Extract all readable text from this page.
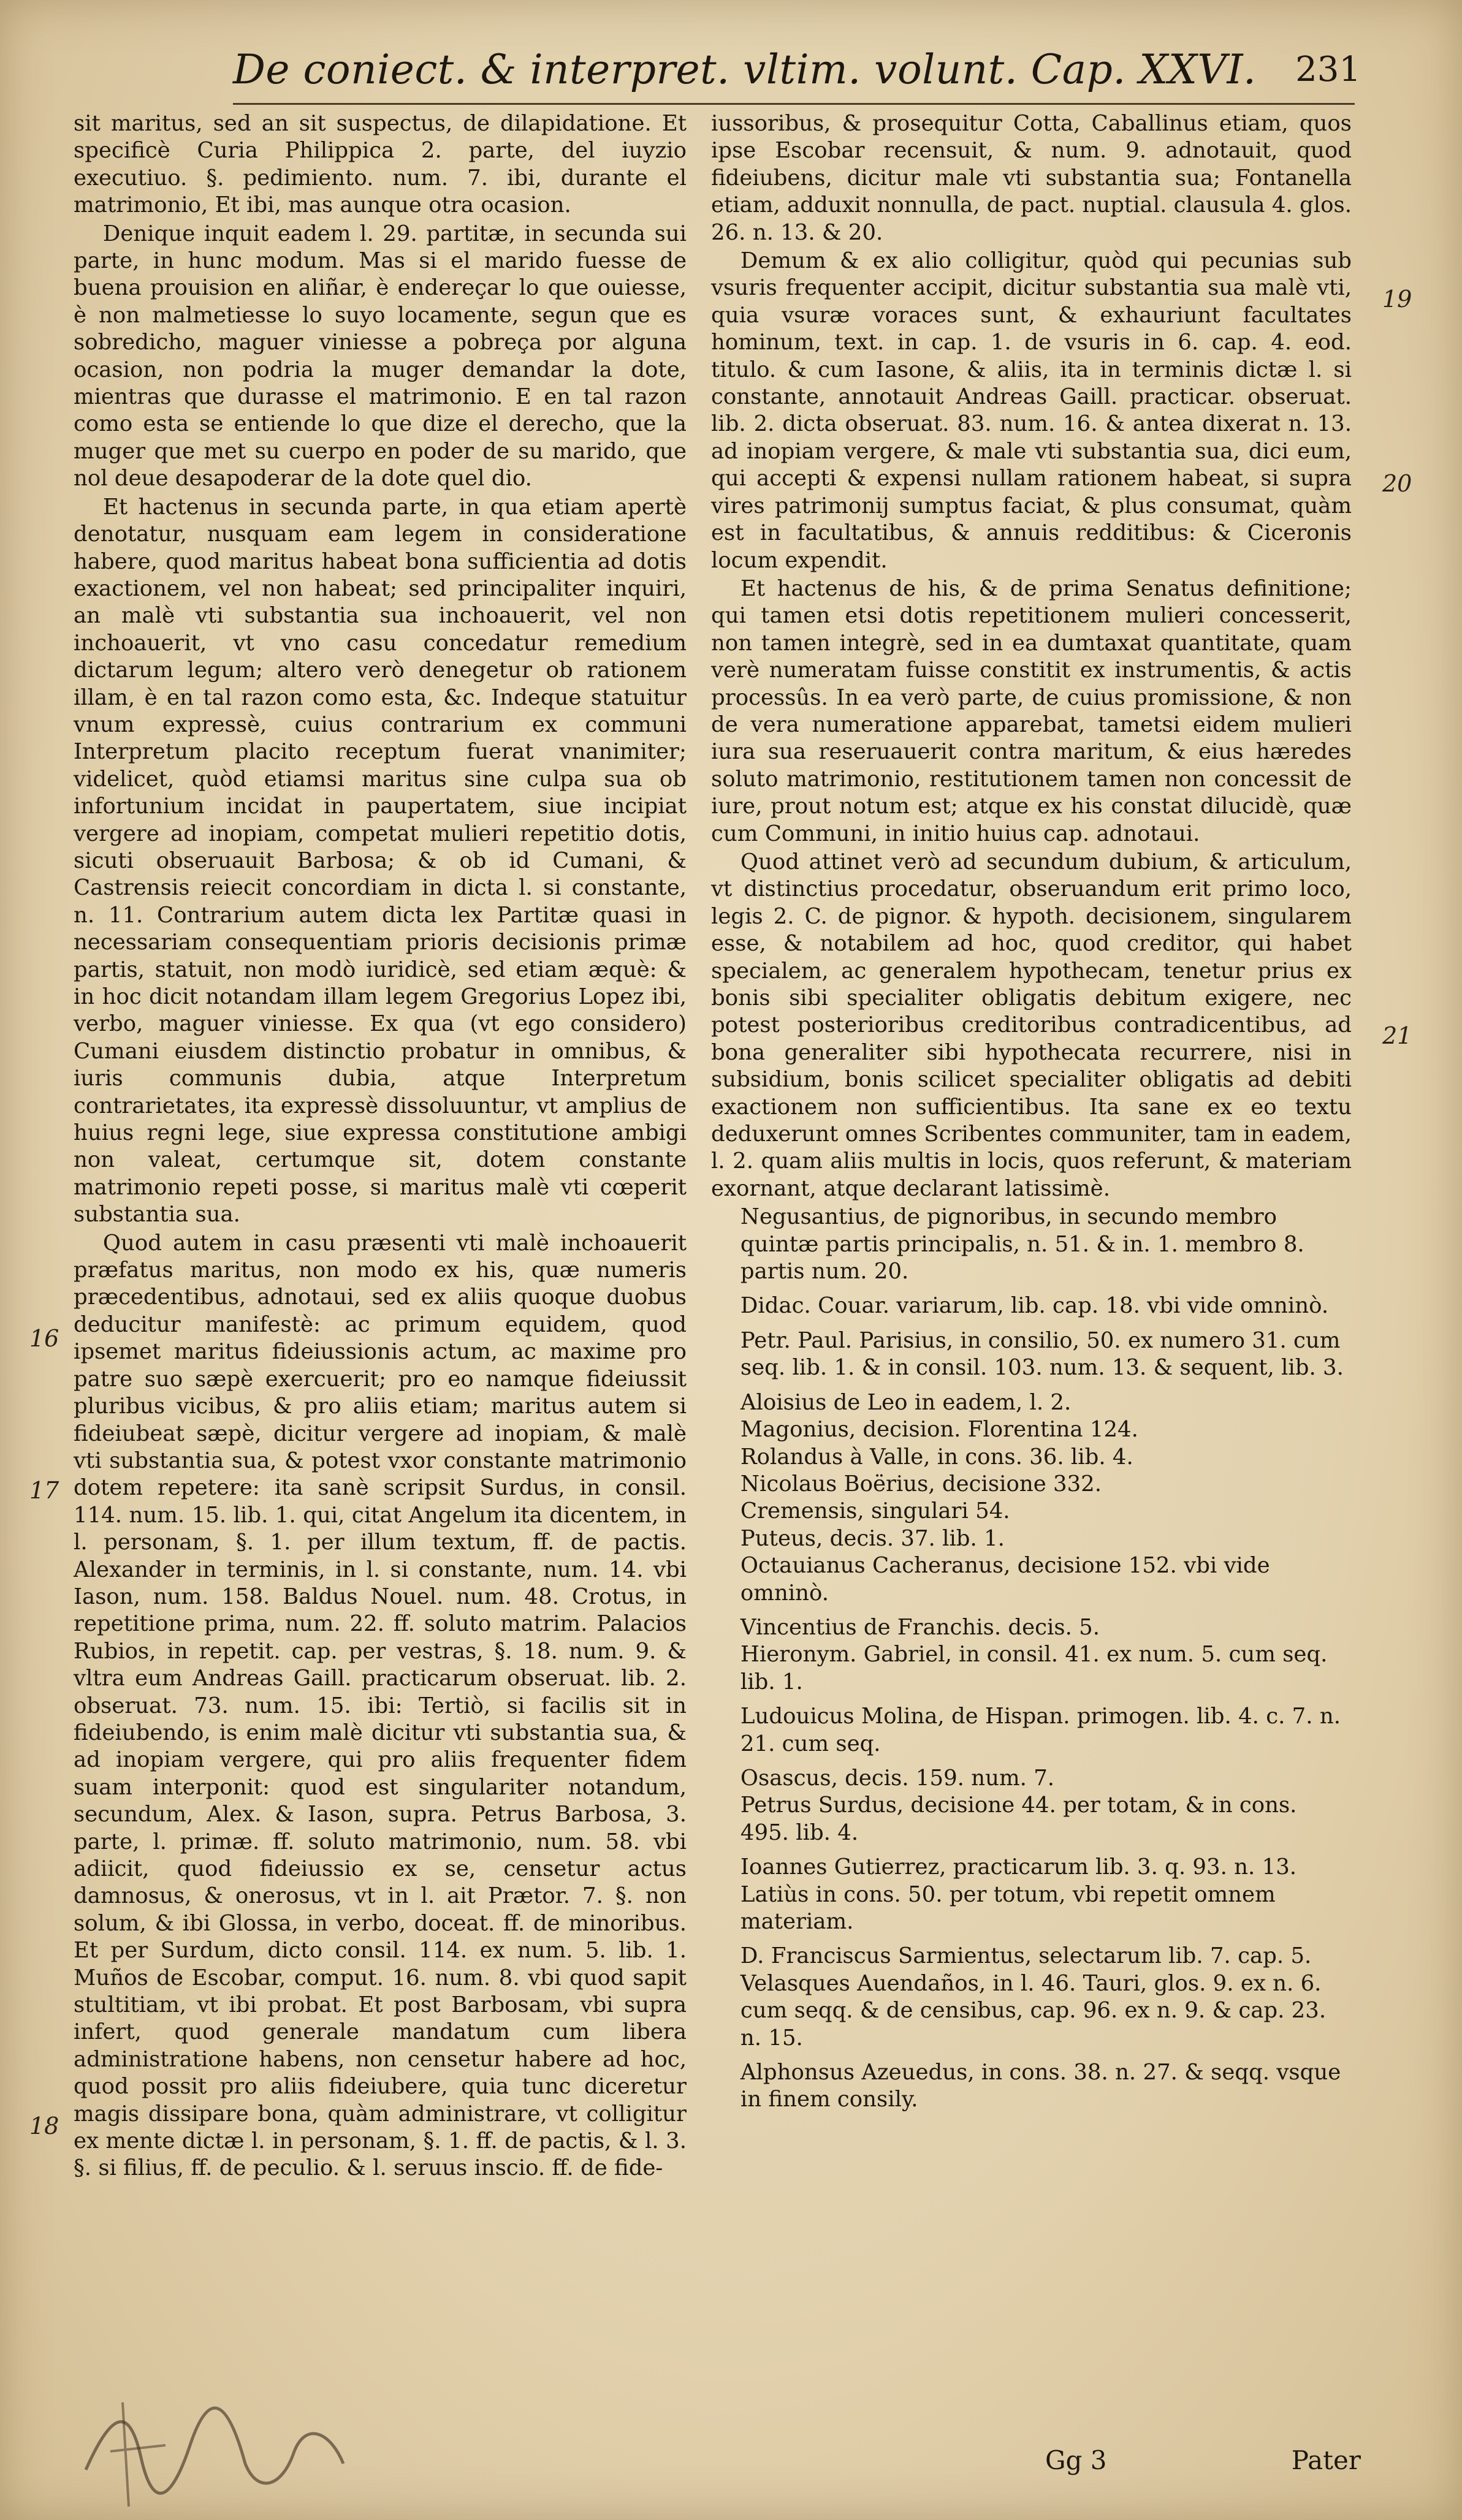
De coniect. & interpret. vltim. volunt. Cap. XXVI. 231

sit maritus, sed an sit suspectus, de dilapidatione. Et specificè Curia Philippica 2. parte, del iuyzio executiuo. §. pedimiento. num. 7. ibi, durante el matrimonio, Et ibi, mas aunque otra ocasion.

Denique inquit eadem l. 29. partitæ, in secunda sui parte, in hunc modum. Mas si el marido fuesse de buena prouision en aliñar, è endereçar lo que ouiesse, è non malmetiesse lo suyo locamente, segun que es sobredicho, maguer viniesse a pobreça por alguna ocasion, non podria la muger demandar la dote, mientras que durasse el matrimonio. E en tal razon como esta se entiende lo que dize el derecho, que la muger que met su cuerpo en poder de su marido, que nol deue desapoderar de la dote quel dio.

Et hactenus in secunda parte, in qua etiam apertè denotatur, nusquam eam legem in consideratione habere, quod maritus habeat bona sufficientia ad dotis exactionem, vel non habeat; sed principaliter inquiri, an malè vti substantia sua inchoauerit, vel non inchoauerit, vt vno casu concedatur remedium dictarum legum; altero verò denegetur ob rationem illam, è en tal razon como esta, &c. Indeque statuitur vnum expressè, cuius contrarium ex communi Interpretum placito receptum fuerat vnanimiter; videlicet, quòd etiamsi maritus sine culpa sua ob infortunium incidat in paupertatem, siue incipiat vergere ad inopiam, competat mulieri repetitio dotis, sicuti obseruauit Barbosa; & ob id Cumani, & Castrensis reiecit concordiam in dicta l. si constante, n. 11. Contrarium autem dicta lex Partitæ quasi in necessariam consequentiam prioris decisionis primæ partis, statuit, non modò iuridicè, sed etiam æquè: & in hoc dicit notandam illam legem Gregorius Lopez ibi, verbo, maguer viniesse. Ex qua (vt ego considero) Cumani eiusdem distinctio probatur in omnibus, & iuris communis dubia, atque Interpretum contrarietates, ita expressè dissoluuntur, vt amplius de huius regni lege, siue expressa constitutione ambigi non valeat, certumque sit, dotem constante matrimonio repeti posse, si maritus malè vti cœperit substantia sua.

Quod autem in casu præsenti vti malè inchoauerit præfatus maritus, non modo ex his, quæ numeris præcedentibus, adnotaui, sed ex aliis quoque duobus deducitur manifestè: ac primum equidem, quod ipsemet maritus fideiussionis actum, ac maxime pro patre suo sæpè exercuerit; pro eo namque fideiussit pluribus vicibus, & pro aliis etiam; maritus autem si fideiubeat sæpè, dicitur vergere ad inopiam, & malè vti substantia sua, & potest vxor constante matrimonio dotem repetere: ita sanè scripsit Surdus, in consil. 114. num. 15. lib. 1. qui, citat Angelum ita dicentem, in l. personam, §. 1. per illum textum, ff. de pactis. Alexander in terminis, in l. si constante, num. 14. vbi Iason, num. 158. Baldus Nouel. num. 48. Crotus, in repetitione prima, num. 22. ff. soluto matrim. Palacios Rubios, in repetit. cap. per vestras, §. 18. num. 9. & vltra eum Andreas Gaill. practicarum obseruat. lib. 2. obseruat. 73. num. 15. ibi: Tertiò, si facilis sit in fideiubendo, is enim malè dicitur vti substantia sua, & ad inopiam vergere, qui pro aliis frequenter fidem suam interponit: quod est singulariter notandum, secundum, Alex. & Iason, supra. Petrus Barbosa, 3. parte, l. primæ. ff. soluto matrimonio, num. 58. vbi adiicit, quod fideiussio ex se, censetur actus damnosus, & onerosus, vt in l. ait Prætor. 7. §. non solum, & ibi Glossa, in verbo, doceat. ff. de minoribus. Et per Surdum, dicto consil. 114. ex num. 5. lib. 1. Muños de Escobar, comput. 16. num. 8. vbi quod sapit stultitiam, vt ibi probat. Et post Barbosam, vbi supra infert, quod generale mandatum cum libera administratione habens, non censetur habere ad hoc, quod possit pro aliis fideiubere, quia tunc diceretur magis dissipare bona, quàm administrare, vt colligitur ex mente dictæ l. in personam, §. 1. ff. de pactis, & l. 3. §. si filius, ff. de peculio. & l. seruus inscio. ff. de fide-

iussoribus, & prosequitur Cotta, Caballinus etiam, quos ipse Escobar recensuit, & num. 9. adnotauit, quod fideiubens, dicitur male vti substantia sua; Fontanella etiam, adduxit nonnulla, de pact. nuptial. clausula 4. glos. 26. n. 13. & 20.

Demum & ex alio colligitur, quòd qui pecunias sub vsuris frequenter accipit, dicitur substantia sua malè vti, quia vsuræ voraces sunt, & exhauriunt facultates hominum, text. in cap. 1. de vsuris in 6. cap. 4. eod. titulo. & cum Iasone, & aliis, ita in terminis dictæ l. si constante, annotauit Andreas Gaill. practicar. obseruat. lib. 2. dicta obseruat. 83. num. 16. & antea dixerat n. 13. ad inopiam vergere, & male vti substantia sua, dici eum, qui accepti & expensi nullam rationem habeat, si supra vires patrimonij sumptus faciat, & plus consumat, quàm est in facultatibus, & annuis redditibus: & Ciceronis locum expendit.

Et hactenus de his, & de prima Senatus definitione; qui tamen etsi dotis repetitionem mulieri concesserit, non tamen integrè, sed in ea dumtaxat quantitate, quam verè numeratam fuisse constitit ex instrumentis, & actis processûs. In ea verò parte, de cuius promissione, & non de vera numeratione apparebat, tametsi eidem mulieri iura sua reseruauerit contra maritum, & eius hæredes soluto matrimonio, restitutionem tamen non concessit de iure, prout notum est; atque ex his constat dilucidè, quæ cum Communi, in initio huius cap. adnotaui.

Quod attinet verò ad secundum dubium, & articulum, vt distinctius procedatur, obseruandum erit primo loco, legis 2. C. de pignor. & hypoth. decisionem, singularem esse, & notabilem ad hoc, quod creditor, qui habet specialem, ac generalem hypothecam, tenetur prius ex bonis sibi specialiter obligatis debitum exigere, nec potest posterioribus creditoribus contradicentibus, ad bona generaliter sibi hypothecata recurrere, nisi in subsidium, bonis scilicet specialiter obligatis ad debiti exactionem non sufficientibus. Ita sane ex eo textu deduxerunt omnes Scribentes communiter, tam in eadem, l. 2. quam aliis multis in locis, quos referunt, & materiam exornant, atque declarant latissimè.

Negusantius, de pignoribus, in secundo membro quintæ partis principalis, n. 51. & in. 1. membro 8. partis num. 20.

Didac. Couar. variarum, lib. cap. 18. vbi vide omninò.

Petr. Paul. Parisius, in consilio, 50. ex numero 31. cum seq. lib. 1. & in consil. 103. num. 13. & sequent, lib. 3.

Aloisius de Leo in eadem, l. 2.

Magonius, decision. Florentina 124.

Rolandus à Valle, in cons. 36. lib. 4.

Nicolaus Boërius, decisione 332.

Cremensis, singulari 54.

Puteus, decis. 37. lib. 1.

Octauianus Cacheranus, decisione 152. vbi vide omninò.

Vincentius de Franchis. decis. 5.

Hieronym. Gabriel, in consil. 41. ex num. 5. cum seq. lib. 1.

Ludouicus Molina, de Hispan. primogen. lib. 4. c. 7. n. 21. cum seq.

Osascus, decis. 159. num. 7.

Petrus Surdus, decisione 44. per totam, & in cons. 495. lib. 4.

Ioannes Gutierrez, practicarum lib. 3. q. 93. n. 13. Latiùs in cons. 50. per totum, vbi repetit omnem materiam.

D. Franciscus Sarmientus, selectarum lib. 7. cap. 5.

Velasques Auendaños, in l. 46. Tauri, glos. 9. ex n. 6. cum seqq. & de censibus, cap. 96. ex n. 9. & cap. 23. n. 15.

Alphonsus Azeuedus, in cons. 38. n. 27. & seqq. vsque in finem consily.

16
17
18
19
20
21
Gg 3	Pater
